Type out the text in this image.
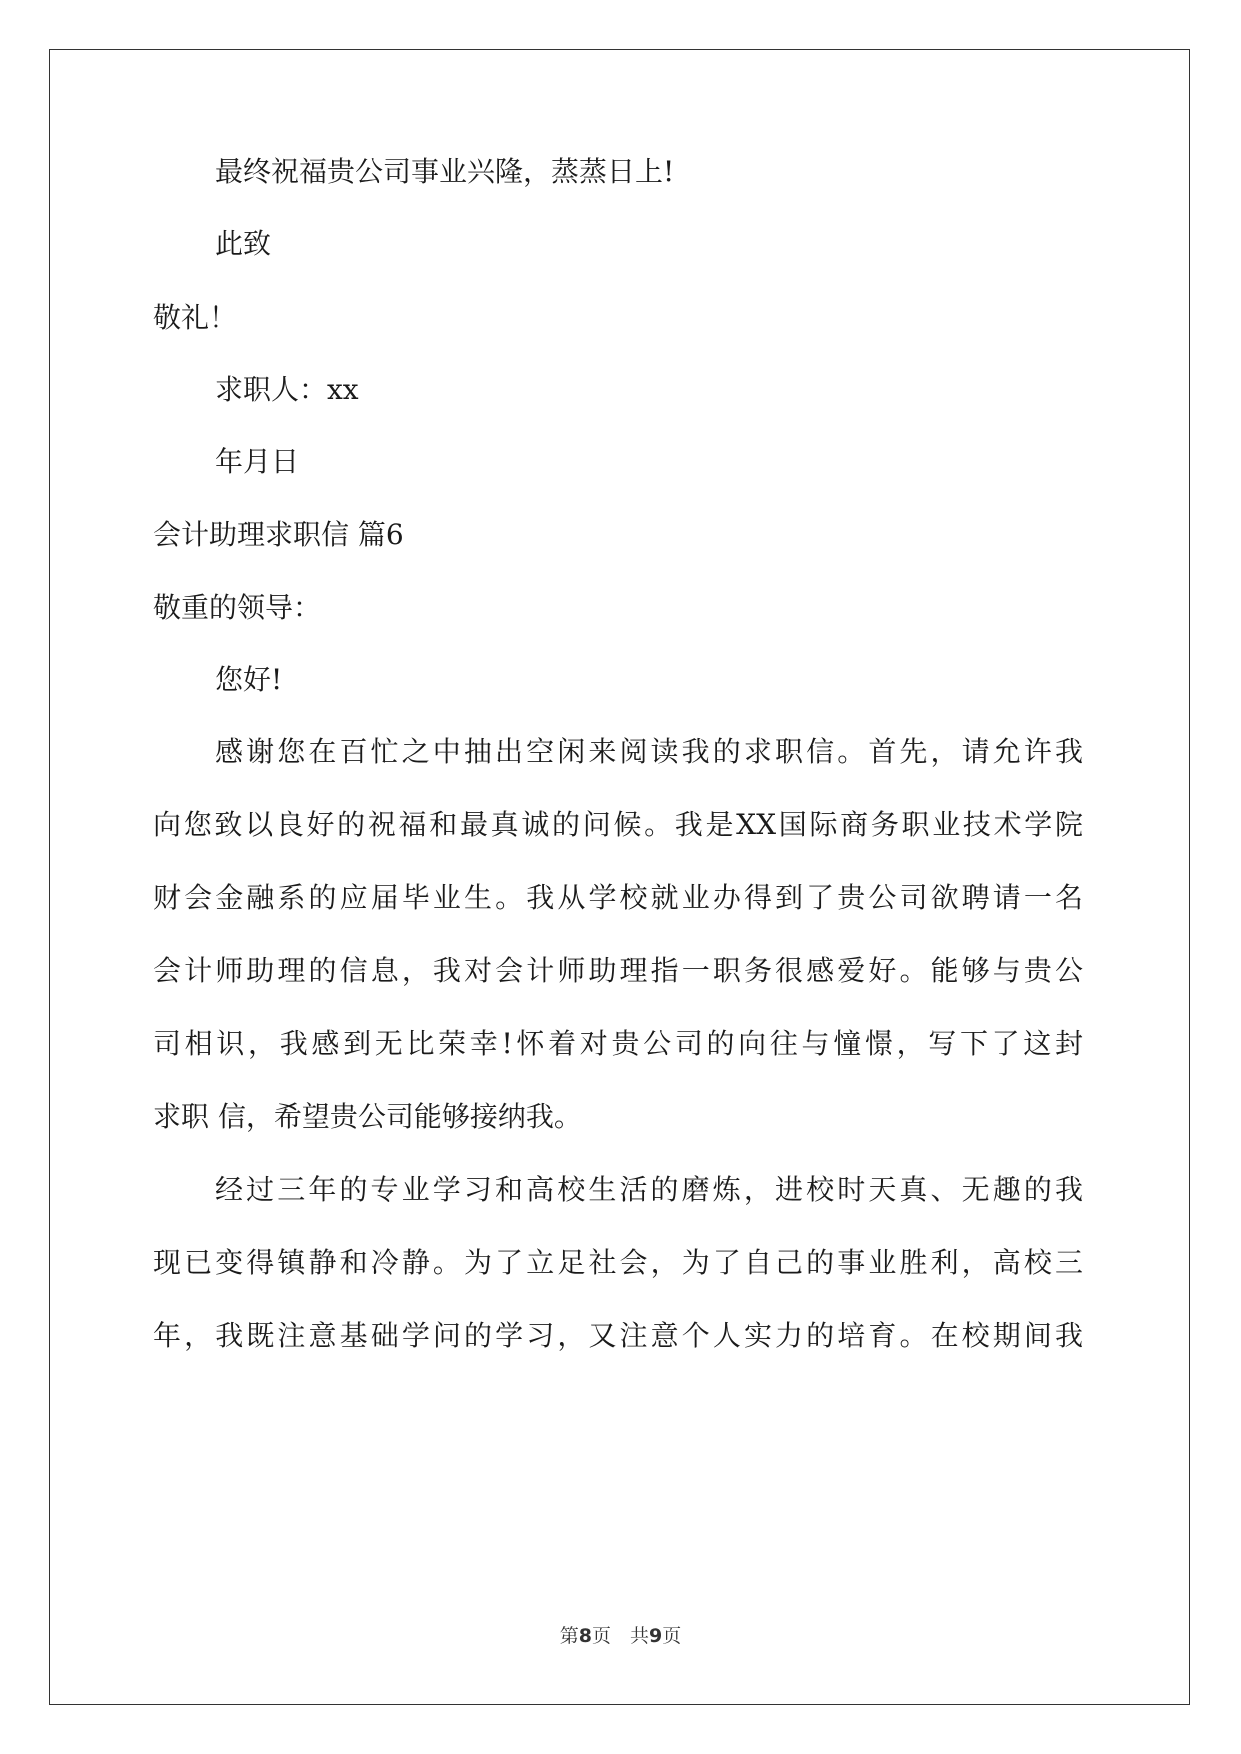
最终祝福贵公司事业兴隆，蒸蒸日上!
此致
敬礼！
求职人：xx
年月日
会计助理求职信 篇6
敬重的领导：
您好!
感谢您在百忙之中抽出空闲来阅读我的求职信。首先，请允许我
向您致以良好的祝福和最真诚的问候。我是XX国际商务职业技术学院
财会金融系的应届毕业生。我从学校就业办得到了贵公司欲聘请一名
会计师助理的信息，我对会计师助理指一职务很感爱好。能够与贵公
司相识，我感到无比荣幸!怀着对贵公司的向往与憧憬，写下了这封
求职 信，希望贵公司能够接纳我。
经过三年的专业学习和高校生活的磨炼，进校时天真、无趣的我
现已变得镇静和冷静。为了立足社会，为了自己的事业胜利，高校三
年，我既注意基础学问的学习，又注意个人实力的培育。在校期间我
第8页　共9页
